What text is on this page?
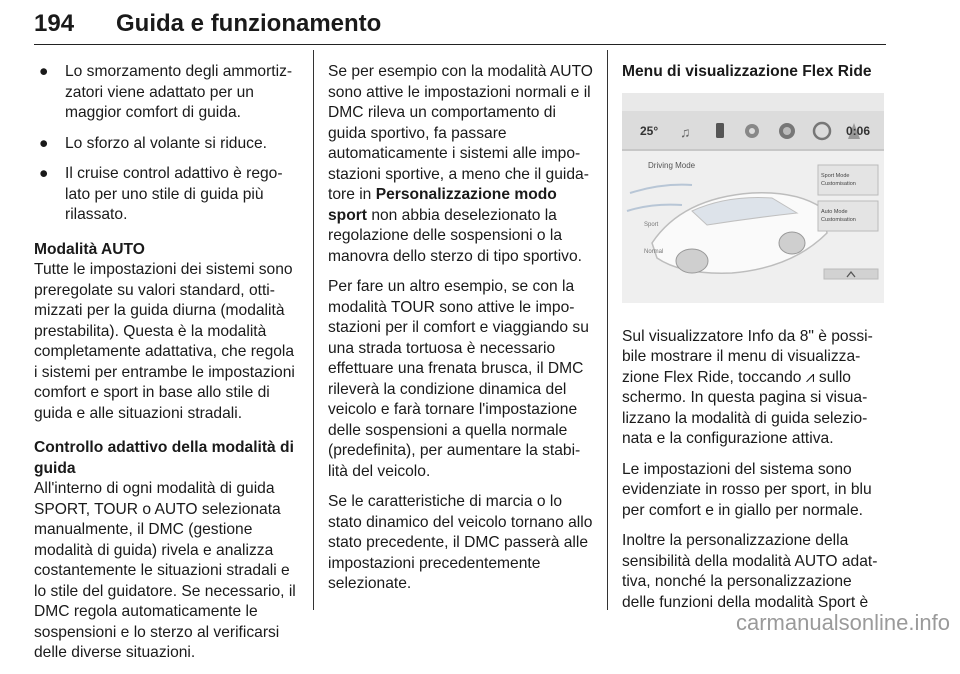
194 Guida e funzionamento
● Lo smorzamento degli ammortizzatori viene adattato per un maggior comfort di guida.
● Lo sforzo al volante si riduce.
● Il cruise control adattivo è regolato per uno stile di guida più rilassato.
Modalità AUTO

Tutte le impostazioni dei sistemi sono preregolate su valori standard, ottimizzati per la guida diurna (modalità prestabilita). Questa è la modalità completamente adattativa, che regola i sistemi per entrambe le impostazioni comfort e sport in base allo stile di guida e alle situazioni stradali.

Controllo adattivo della modalità di guida

All'interno di ogni modalità di guida SPORT, TOUR o AUTO selezionata manualmente, il DMC (gestione modalità di guida) rivela e analizza costantemente le situazioni stradali e lo stile del guidatore. Se necessario, il DMC regola automaticamente le sospensioni e lo sterzo al verificarsi delle diverse situazioni.

Se per esempio con la modalità AUTO sono attive le impostazioni normali e il DMC rileva un comportamento di guida sportivo, fa passare automaticamente i sistemi alle impostazioni sportive, a meno che il guidatore in Personalizzazione modo sport non abbia deselezionato la regolazione delle sospensioni o la manovra dello sterzo di tipo sportivo.

Per fare un altro esempio, se con la modalità TOUR sono attive le impostazioni per il comfort e viaggiando su una strada tortuosa è necessario effettuare una frenata brusca, il DMC rileverà la condizione dinamica del veicolo e farà tornare l'impostazione delle sospensioni a quella normale (predefinita), per aumentare la stabilità del veicolo.

Se le caratteristiche di marcia o lo stato dinamico del veicolo tornano allo stato precedente, il DMC passerà alle impostazioni precedentemente selezionate.

Menu di visualizzazione Flex Ride
25° ♫	0:06
Driving Mode
Sport
Normal
Sport Mode
Customisation
Auto Mode
Customisation

Sul visualizzatore Info da 8" è possibile mostrare il menu di visualizzazione Flex Ride, toccando ⩘ sullo schermo. In questa pagina si visualizzano la modalità di guida selezionata e la configurazione attiva.

Le impostazioni del sistema sono evidenziate in rosso per sport, in blu per comfort e in giallo per normale.

Inoltre la personalizzazione della sensibilità della modalità AUTO adattiva, nonché la personalizzazione delle funzioni della modalità Sport è

carmanualsonline.info
